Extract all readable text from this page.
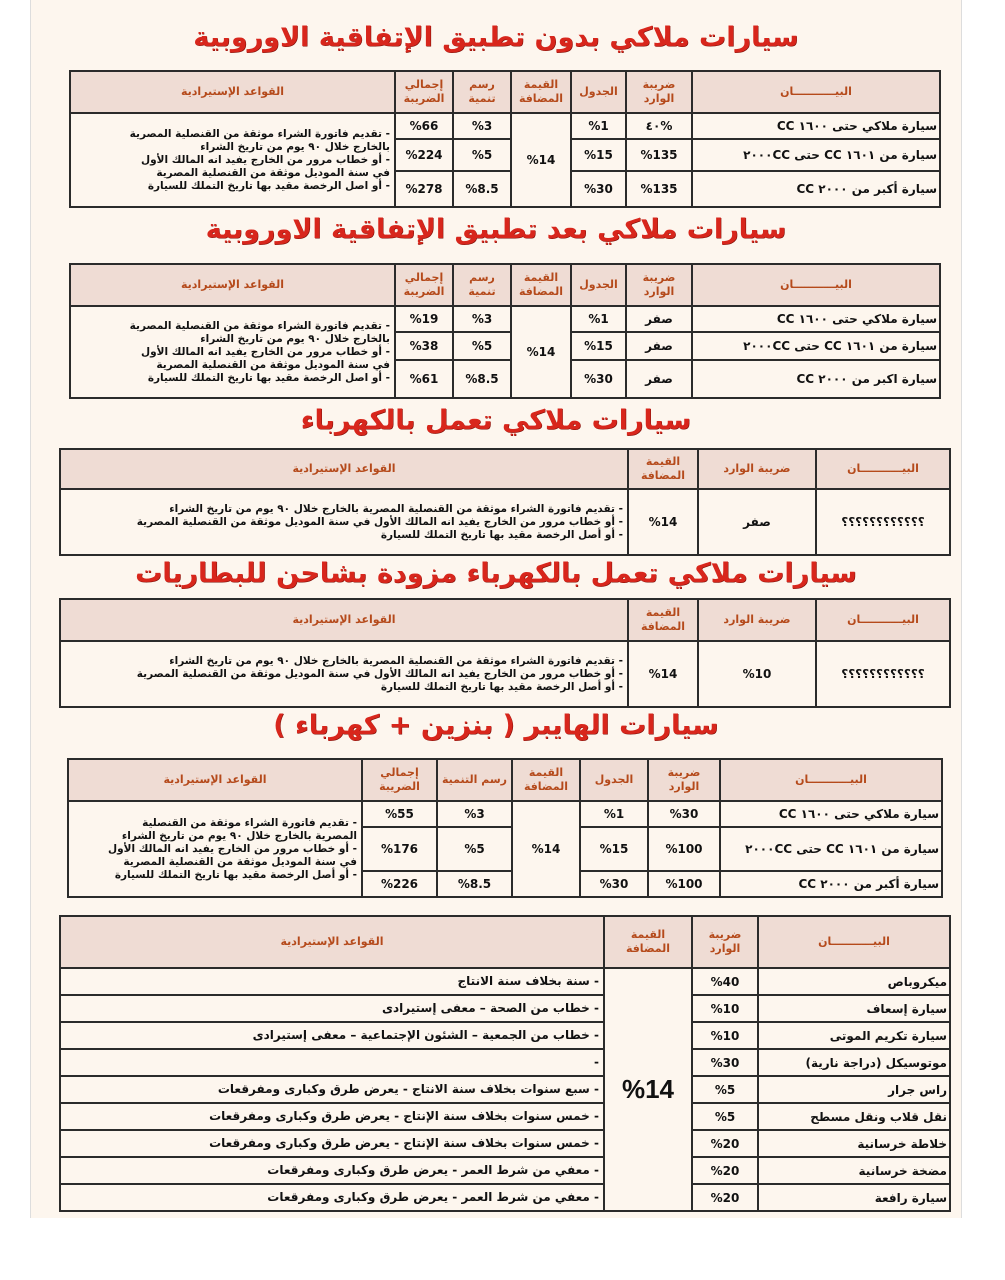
سيارات ملاكي بدون تطبيق الإتفاقية الاوروبية
البيـــــــــــان	ضريبة الوارد	الجدول	القيمة المضافة	رسم تنمية	إجمالي الضريبة	القواعد الإستيرادية
سيارة ملاكي حتى ١٦٠٠ CC	%٤٠	%1	%14	%3	%66	- تقديم فاتورة الشراء موثقة من القنصلية المصرية
بالخارج خلال ٩٠ يوم من تاريخ الشراء
- أو خطاب مرور من الخارج يفيد انه المالك الأول
في سنة الموديل موثقة من القنصلية المصرية
- أو اصل الرخصة مقيد بها تاريخ التملك للسيارة

سيارة من ١٦٠١ CC حتى ٢٠٠٠CC	%135	%15		%5	%224	
سيارة أكبر من ٢٠٠٠ CC	%135	%30		%8.5	%278	
سيارات ملاكي بعد تطبيق الإتفاقية الاوروبية
البيـــــــــــان	ضريبة الوارد	الجدول	القيمة المضافة	رسم تنمية	إجمالي الضريبة	القواعد الإستيرادية
سيارة ملاكي حتى ١٦٠٠ CC	صفر	%1	%14	%3	%19	- تقديم فاتورة الشراء موثقة من القنصلية المصرية
بالخارج خلال ٩٠ يوم من تاريخ الشراء
- أو خطاب مرور من الخارج يفيد انه المالك الأول
في سنة الموديل موثقة من القنصلية المصرية
- أو اصل الرخصة مقيد بها تاريخ التملك للسيارة

سيارة من ١٦٠١ CC حتى ٢٠٠٠CC	صفر	%15		%5	%38	
سيارة اكبر من ٢٠٠٠ CC	صفر	%30		%8.5	%61	
سيارات ملاكي تعمل بالكهرباء
البيـــــــــــان	ضريبة الوارد	القيمة المضافة	القواعد الإستيرادية
؟؟؟؟؟؟؟؟؟؟؟؟	صفر	%14	- تقديم فاتورة الشراء موثقة من القنصلية المصرية بالخارج خلال ٩٠ يوم من تاريخ الشراء
- أو خطاب مرور من الخارج يفيد انه المالك الأول في سنة الموديل موثقة من القنصلية المصرية
- أو أصل الرخصة مقيد بها تاريخ التملك للسيارة
سيارات ملاكي تعمل بالكهرباء مزودة بشاحن للبطاريات
البيـــــــــــان	ضريبة الوارد	القيمة المضافة	القواعد الإستيرادية
؟؟؟؟؟؟؟؟؟؟؟؟	%10	%14	- تقديم فاتورة الشراء موثقة من القنصلية المصرية بالخارج خلال ٩٠ يوم من تاريخ الشراء
- أو خطاب مرور من الخارج يفيد انه المالك الأول في سنة الموديل موثقة من القنصلية المصرية
- أو أصل الرخصة مقيد بها تاريخ التملك للسيارة
سيارات الهايبر ( بنزين + كهرباء )
البيـــــــــــان	ضريبة الوارد	الجدول	القيمة المضافة	رسم التنمية	إجمالي الضريبة	القواعد الإستيرادية
سيارة ملاكي حتى ١٦٠٠ CC	%30	%1	%14	%3	%55	- تقديم فاتورة الشراء موثقة من القنصلية
المصرية بالخارج خلال ٩٠ يوم من تاريخ الشراء
- أو خطاب مرور من الخارج يفيد انه المالك الأول
في سنة الموديل موثقة من القنصلية المصرية
- أو أصل الرخصة مقيد بها تاريخ التملك للسيارة

سيارة من ١٦٠١ CC حتى ٢٠٠٠CC	%100	%15		%5	%176	
سيارة أكبر من ٢٠٠٠ CC	%100	%30		%8.5	%226	
البيـــــــــــان	ضريبة الوارد	القيمة المضافة	القواعد الإستيرادية
ميكروباص	%40	%14	- سنة بخلاف سنة الانتاج
سيارة إسعاف	%10		- خطاب من الصحة – معفى إستيرادى
سيارة تكريم الموتى	%10		- خطاب من الجمعية – الشئون الإجتماعية – معفى إستيرادى
موتوسيكل (دراجة نارية)	%30		-
راس جرار	%5		- سبع سنوات بخلاف سنة الانتاج - يعرض طرق وكبارى ومفرقعات
نقل قلاب ونقل مسطح	%5		- خمس سنوات بخلاف سنة الإنتاج - يعرض طرق وكبارى ومفرقعات
خلاطة خرسانية	%20		- خمس سنوات بخلاف سنة الإنتاج - يعرض طرق وكبارى ومفرقعات
مضخة خرسانية	%20		- معفي من شرط العمر - يعرض طرق وكبارى ومفرقعات
سيارة رافعة	%20		- معفي من شرط العمر - يعرض طرق وكبارى ومفرقعات
